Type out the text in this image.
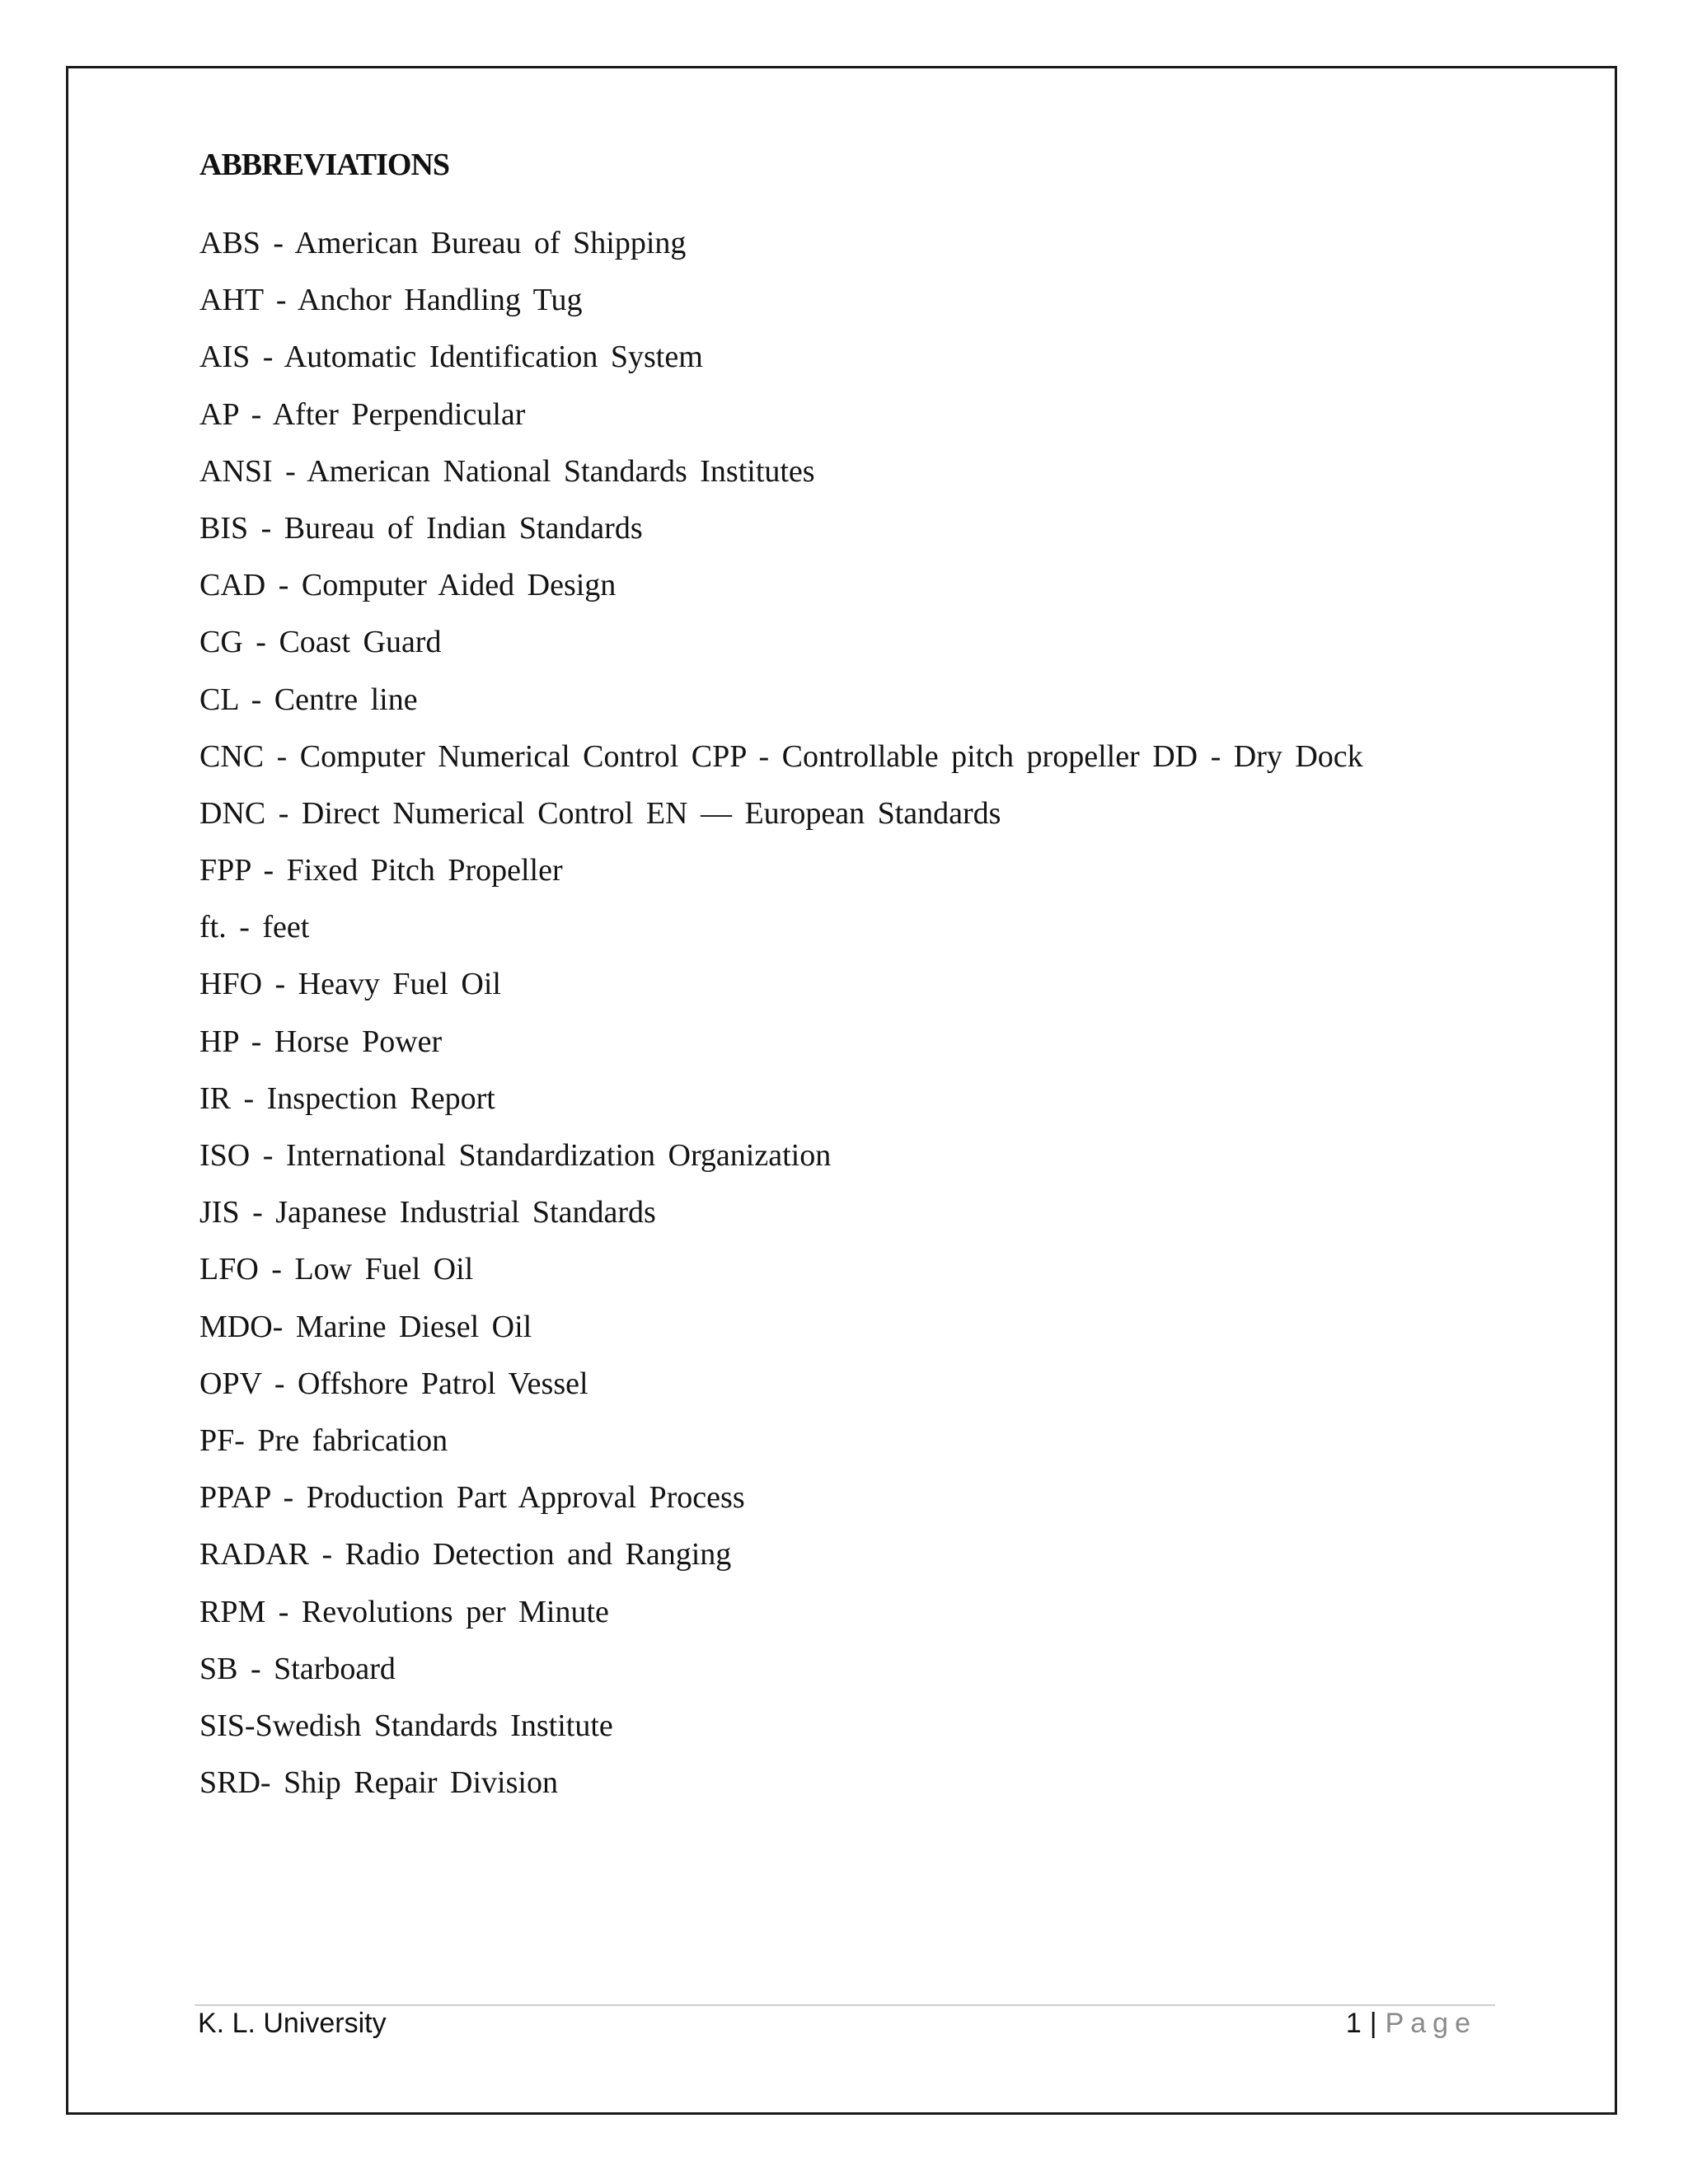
ABBREVIATIONS
ABS - American Bureau of Shipping
AHT - Anchor Handling Tug
AIS - Automatic Identification System
AP - After Perpendicular
ANSI - American National Standards Institutes
BIS - Bureau of Indian Standards
CAD - Computer Aided Design
CG - Coast Guard
CL - Centre line
CNC - Computer Numerical Control CPP - Controllable pitch propeller DD - Dry Dock
DNC - Direct Numerical Control EN — European Standards
FPP - Fixed Pitch Propeller
ft. - feet
HFO - Heavy Fuel Oil
HP - Horse Power
IR - Inspection Report
ISO - International Standardization Organization
JIS - Japanese Industrial Standards
LFO - Low Fuel Oil
MDO- Marine Diesel Oil
OPV - Offshore Patrol Vessel
PF- Pre fabrication
PPAP - Production Part Approval Process
RADAR - Radio Detection and Ranging
RPM - Revolutions per Minute
SB - Starboard
SIS-Swedish Standards Institute
SRD- Ship Repair Division
K. L. University	1 | Page
